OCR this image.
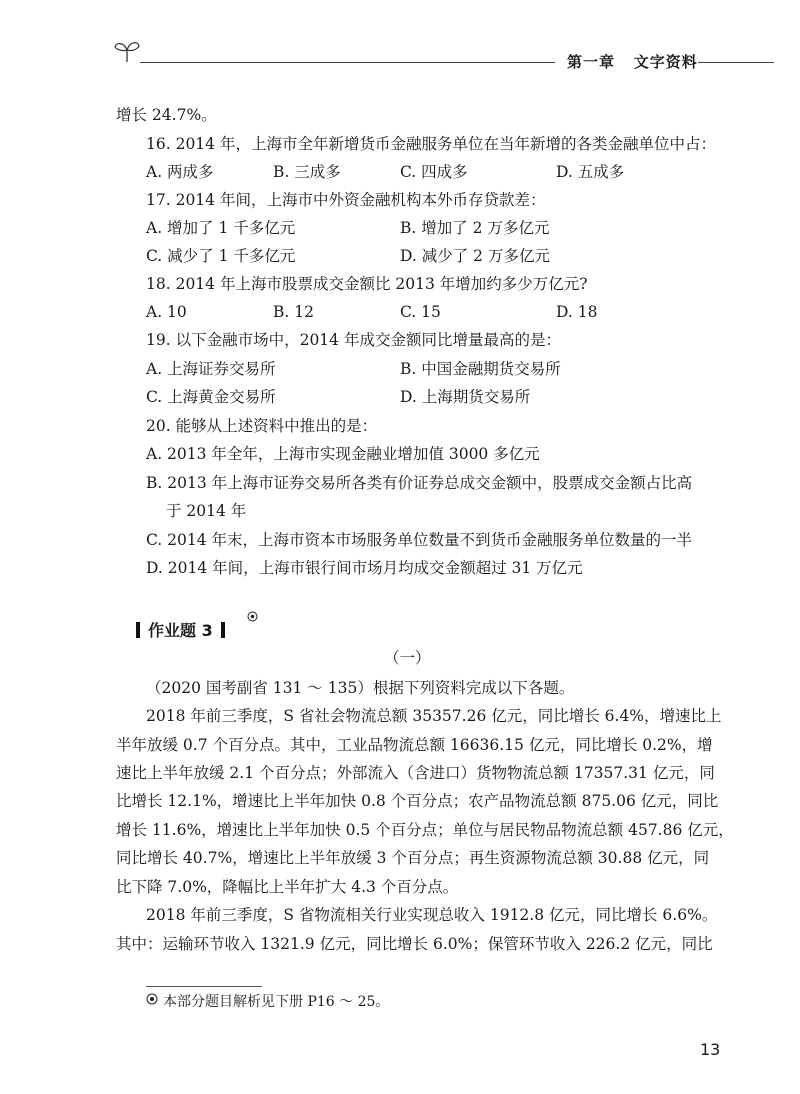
第一章 文字资料
增长 24.7%。
16. 2014 年，上海市全年新增货币金融服务单位在当年新增的各类金融单位中占：
A. 两成多	B. 三成多	C. 四成多	D. 五成多
17. 2014 年间，上海市中外资金融机构本外币存贷款差：
A. 增加了 1 千多亿元	B. 增加了 2 万多亿元
C. 减少了 1 千多亿元	D. 减少了 2 万多亿元
18. 2014 年上海市股票成交金额比 2013 年增加约多少万亿元?
A. 10	B. 12	C. 15	D. 18
19. 以下金融市场中，2014 年成交金额同比增量最高的是：
A. 上海证券交易所	B. 中国金融期货交易所
C. 上海黄金交易所	D. 上海期货交易所
20. 能够从上述资料中推出的是：
A. 2013 年全年，上海市实现金融业增加值 3000 多亿元
B. 2013 年上海市证券交易所各类有价证券总成交金额中，股票成交金额占比高
于 2014 年
C. 2014 年末，上海市资本市场服务单位数量不到货币金融服务单位数量的一半
D. 2014 年间，上海市银行间市场月均成交金额超过 31 万亿元
作业题 3
（一）
（2020 国考副省 131 ～ 135）根据下列资料完成以下各题。
2018 年前三季度，S 省社会物流总额 35357.26 亿元，同比增长 6.4%，增速比上
半年放缓 0.7 个百分点。其中，工业品物流总额 16636.15 亿元，同比增长 0.2%，增
速比上半年放缓 2.1 个百分点；外部流入（含进口）货物物流总额 17357.31 亿元，同
比增长 12.1%，增速比上半年加快 0.8 个百分点；农产品物流总额 875.06 亿元，同比
增长 11.6%，增速比上半年加快 0.5 个百分点；单位与居民物品物流总额 457.86 亿元，
同比增长 40.7%，增速比上半年放缓 3 个百分点；再生资源物流总额 30.88 亿元，同
比下降 7.0%，降幅比上半年扩大 4.3 个百分点。
2018 年前三季度，S 省物流相关行业实现总收入 1912.8 亿元，同比增长 6.6%。
其中：运输环节收入 1321.9 亿元，同比增长 6.0%；保管环节收入 226.2 亿元，同比
本部分题目解析见下册 P16 ～ 25。
13
